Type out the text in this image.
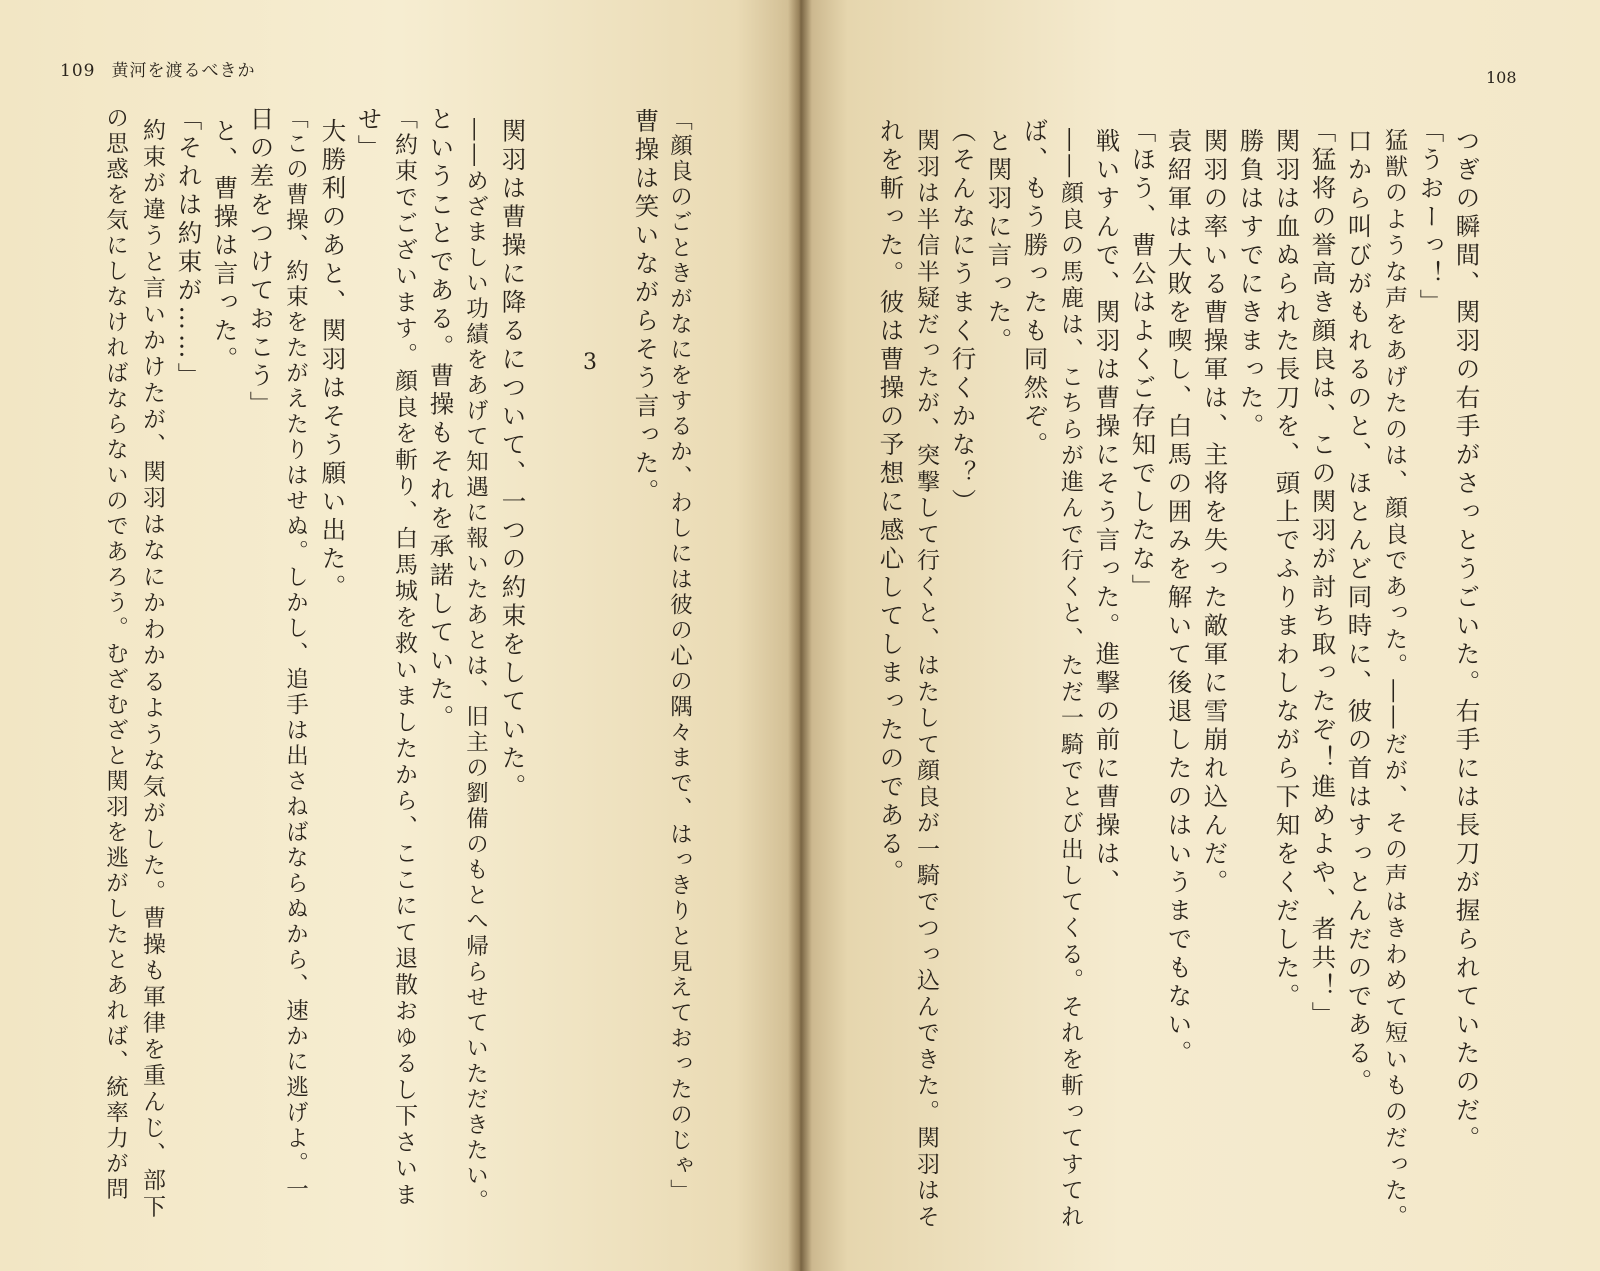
109 黄河を渡るべきか
「顔良のごときがなにをするか、わしには彼の心の隅々まで、はっきりと見えておったのじゃ」
曹操は笑いながらそう言った。
3
関羽は曹操に降るについて、一つの約束をしていた。
――めざましい功績をあげて知遇に報いたあとは、旧主の劉備のもとへ帰らせていただきたい。
ということである。曹操もそれを承諾していた。
「約束でございます。顔良を斬り、白馬城を救いましたから、ここにて退散おゆるし下さいま
せ」
大勝利のあと、関羽はそう願い出た。
「この曹操、約束をたがえたりはせぬ。しかし、追手は出さねばならぬから、速かに逃げよ。一
日の差をつけておこう」
と、曹操は言った。
「それは約束が……」
約束が違うと言いかけたが、関羽はなにかわかるような気がした。曹操も軍律を重んじ、部下
の思惑を気にしなければならないのであろう。むざむざと関羽を逃がしたとあれば、統率力が問
108
つぎの瞬間、関羽の右手がさっとうごいた。右手には長刀が握られていたのだ。
「うおーっ！」
猛獣のような声をあげたのは、顔良であった。――だが、その声はきわめて短いものだった。
口から叫びがもれるのと、ほとんど同時に、彼の首はすっとんだのである。
「猛将の誉高き顔良は、この関羽が討ち取ったぞ！進めよや、者共！」
関羽は血ぬられた長刀を、頭上でふりまわしながら下知をくだした。
勝負はすでにきまった。
関羽の率いる曹操軍は、主将を失った敵軍に雪崩れ込んだ。
袁紹軍は大敗を喫し、白馬の囲みを解いて後退したのはいうまでもない。
「ほう、曹公はよくご存知でしたな」
戦いすんで、関羽は曹操にそう言った。進撃の前に曹操は、
――顔良の馬鹿は、こちらが進んで行くと、ただ一騎でとび出してくる。それを斬ってすてれ
ば、もう勝ったも同然ぞ。
と関羽に言った。
（そんなにうまく行くかな？）
関羽は半信半疑だったが、突撃して行くと、はたして顔良が一騎でつっ込んできた。関羽はそ
れを斬った。彼は曹操の予想に感心してしまったのである。
